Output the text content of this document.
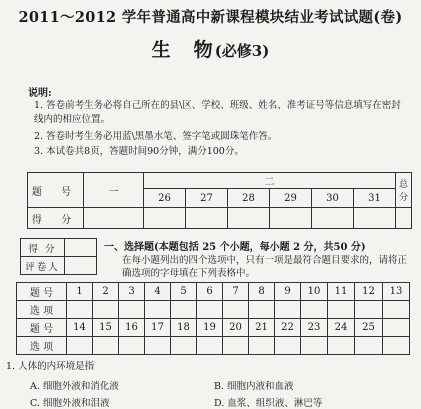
2011～2012 学年普通高中新课程模块结业考试试题(卷)
生　物(必修3)
说明:
1. 答卷前考生务必将自己所在的县\区、学校、班级、姓名、准考证号等信息填写在密封线内的相应位置。
2. 答卷时考生务必用蓝\黑墨水笔、签字笔或圆珠笔作答。
3. 本试卷共8页，答题时间90分钟，满分100分。
题 号	一	二						总 分
		26	27	28	29	30	31	
得 分								
得 分	
评卷人	
一、选择题(本题包括 25 个小题，每小题 2 分，共50 分)
在每小题列出的四个选项中，只有一项是最符合题目要求的，请将正确选项的字母填在下列表格中。
题 号	1	2	3	4	5	6	7	8	9	10	11	12	13
选 项													
题 号	14	15	16	17	18	19	20	21	22	23	24	25	
选 项													
1. 人体的内环境是指
A. 细胞外液和消化液	B. 细胞内液和血液
C. 细胞外液和泪液	D. 血浆、组织液、淋巴等
